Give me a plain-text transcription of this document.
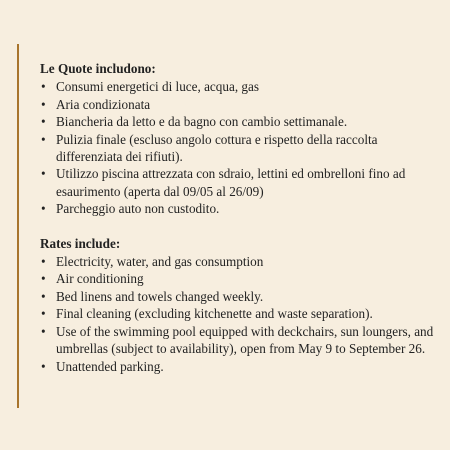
Le Quote includono:
• Consumi energetici di luce, acqua, gas
• Aria condizionata
• Biancheria da letto e da bagno con cambio settimanale.
• Pulizia finale (escluso angolo cottura e rispetto della raccolta differenziata dei rifiuti).
• Utilizzo piscina attrezzata con sdraio, lettini ed ombrelloni fino ad esaurimento (aperta dal 09/05 al 26/09)
• Parcheggio auto non custodito.
Rates include:
• Electricity, water, and gas consumption
• Air conditioning
• Bed linens and towels changed weekly.
• Final cleaning (excluding kitchenette and waste separation).
• Use of the swimming pool equipped with deckchairs, sun loungers, and umbrellas (subject to availability), open from May 9 to September 26.
• Unattended parking.
